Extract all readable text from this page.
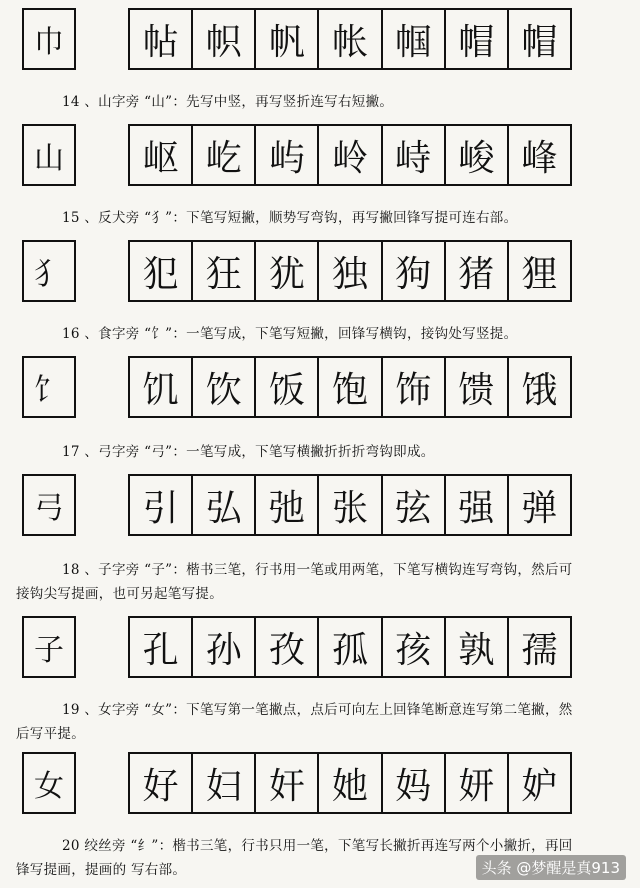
巾	帖 帜 帆 帐 帼 帽 帽
14 、山字旁 “山”：先写中竖，再写竖折连写右短撇。
山	岖 屹 屿 岭 峙 峻 峰
15 、反犬旁 “犭”：下笔写短撇，顺势写弯钩，再写撇回锋写提可连右部。
犭	犯 狂 犹 独 狗 猪 狸
16 、食字旁 “饣”：一笔写成，下笔写短撇，回锋写横钩，接钩处写竖提。
饣	饥 饮 饭 饱 饰 馈 饿
17 、弓字旁 “弓”：一笔写成，下笔写横撇折折折弯钩即成。
弓	引 弘 弛 张 弦 强 弹
18 、子字旁 “子”：楷书三笔，行书用一笔或用两笔，下笔写横钩连写弯钩，然后可
接钩尖写提画，也可另起笔写提。
子	孔 孙 孜 孤 孩 孰 孺
19 、女字旁 “女”：下笔写第一笔撇点，点后可向左上回锋笔断意连写第二笔撇，然
后写平提。
女	好 妇 奸 她 妈 妍 妒
20 绞丝旁 “纟”：楷书三笔，行书只用一笔，下笔写长撇折再连写两个小撇折，再回
锋写提画，提画的 写右部。	头条 @梦醒是真913
